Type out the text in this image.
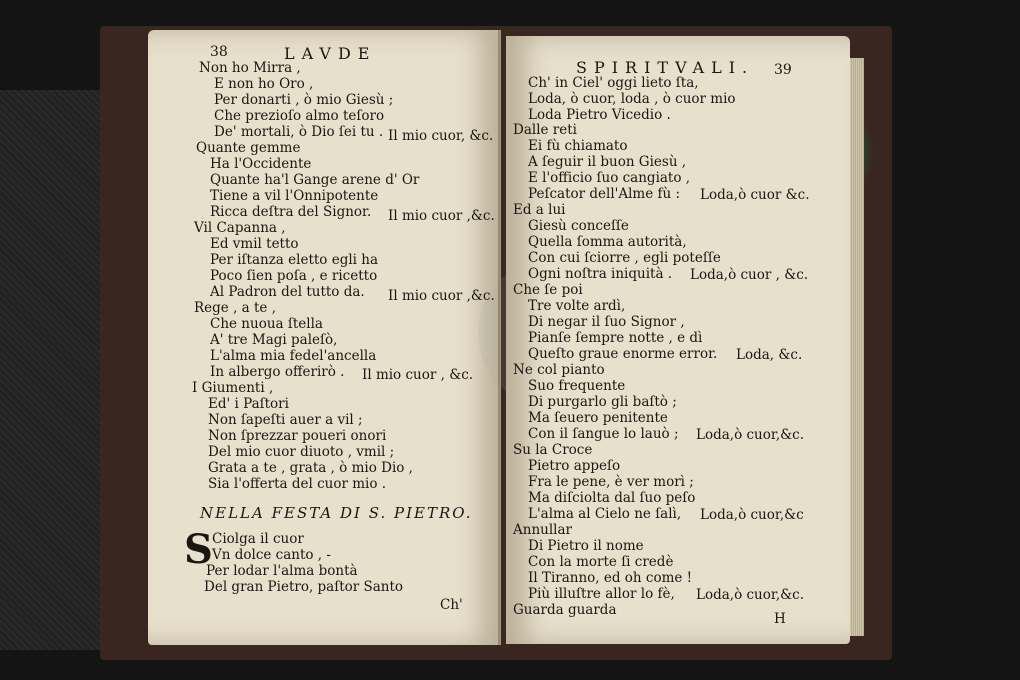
38	LAVDE
Non ho Mirra ,
E non ho Oro ,
Per donarti , ò mio Giesù ;
Che prezioſo almo teſoro
De' mortali, ò Dio ſei tu . Il mio cuor, &c.
Quante gemme
Ha l'Occidente
Quante ha'l Gange arene d' Or
Tiene a vil l'Onnipotente
Ricca deſtra del Signor. Il mio cuor ,&c.
Vil Capanna ,
Ed vmil tetto
Per iſtanza eletto egli ha
Poco ſien poſa , e ricetto
Al Padron del tutto da. Il mio cuor ,&c.
Rege , a te ,
Che nuoua ſtella
A' tre Magi paleſò,
L'alma mia fedel'ancella
In albergo offerirò . Il mio cuor , &c.
I Giumenti ,
Ed' i Paſtori
Non ſapeſti auer a vil ;
Non ſprezzar poueri onori
Del mio cuor diuoto , vmil ;
Grata a te , grata , ò mio Dio ,
Sia l'offerta del cuor mio .
NELLA FESTA DI S. PIETRO.
S Ciolga il cuor
Vn dolce canto , -
Per lodar l'alma bontà
Del gran Pietro, paſtor Santo
Ch'
SPIRITVALI. 39
Ch' in Ciel' oggi lieto ſta,
Loda, ò cuor, loda , ò cuor mio
Loda Pietro Vicedio .
Dalle reti
Ei fù chiamato
A ſeguir il buon Giesù ,
E l'officio ſuo cangiato ,
Peſcator dell'Alme fù : Loda,ò cuor &c.
Ed a lui
Giesù conceſſe
Quella ſomma autorità,
Con cui ſciorre , egli poteſſe
Ogni noſtra iniquità . Loda,ò cuor , &c.
Che ſe poi
Tre volte ardì,
Di negar il ſuo Signor ,
Pianſe ſempre notte , e dì
Queſto graue enorme error. Loda, &c.
Ne col pianto
Suo frequente
Di purgarlo gli baſtò ;
Ma ſeuero penitente
Con il ſangue lo lauò ; Loda,ò cuor,&c.
Su la Croce
Pietro appeſo
Fra le pene, è ver morì ;
Ma diſciolta dal ſuo peſo
L'alma al Cielo ne ſalì, Loda,ò cuor,&c
Annullar
Di Pietro il nome
Con la morte ſi credè
Il Tiranno, ed oh come !
Più illuſtre allor lo fè, Loda,ò cuor,&c.
Guarda guarda
H
